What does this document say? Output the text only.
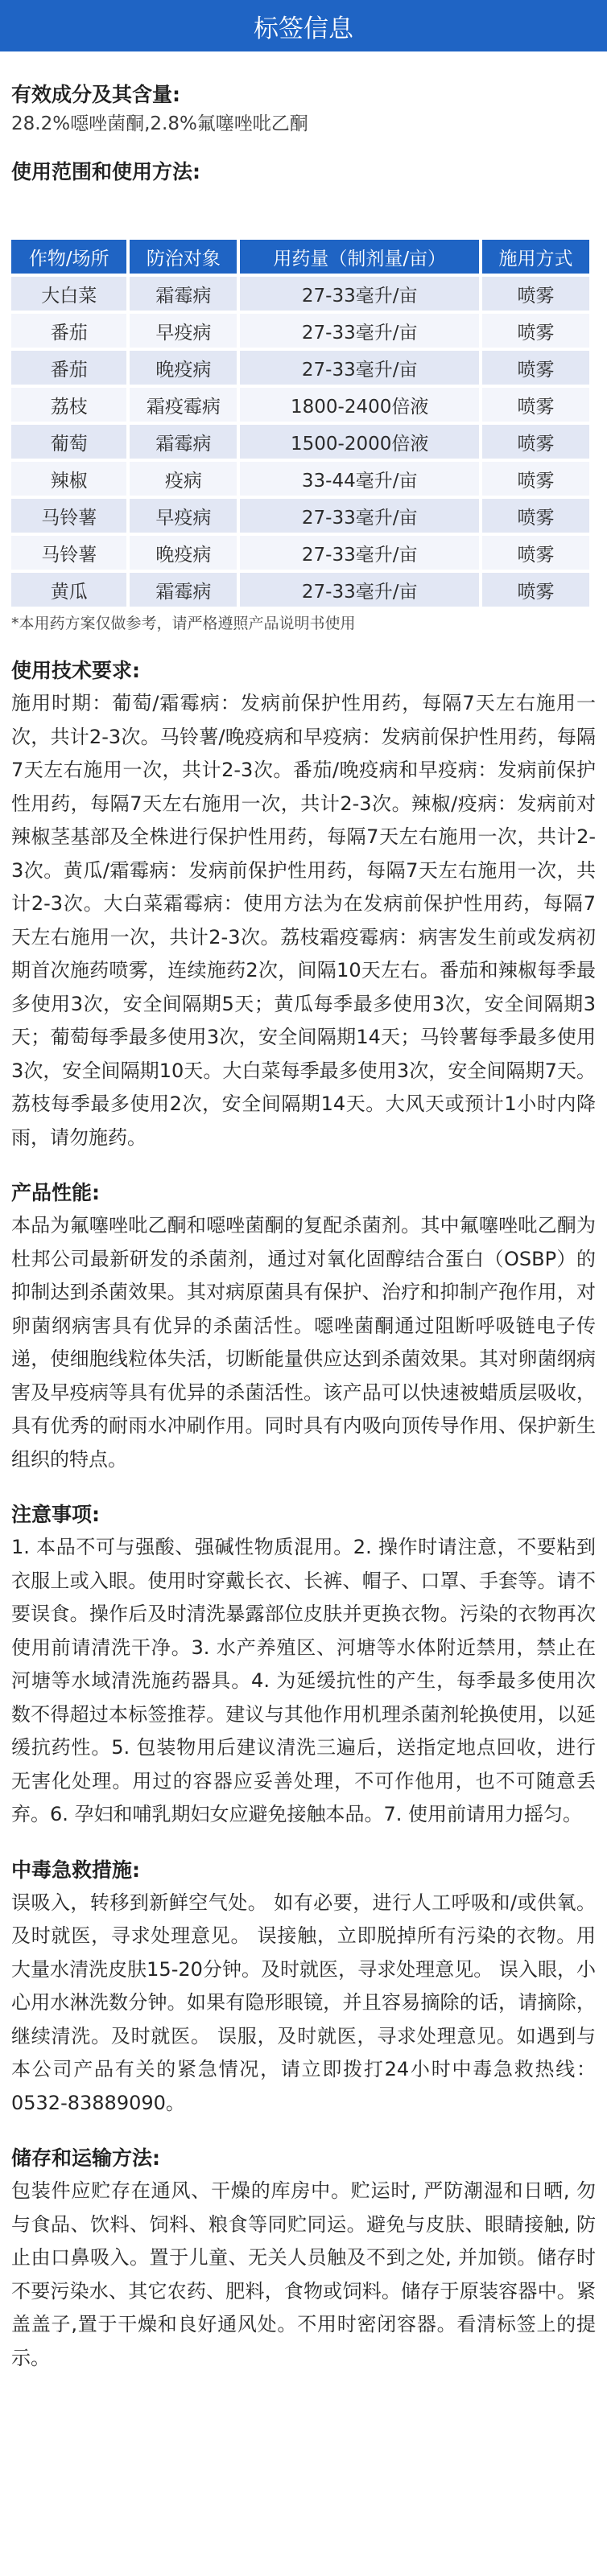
标签信息
有效成分及其含量:
28.2%噁唑菌酮,2.8%氟噻唑吡乙酮
使用范围和使用方法:
作物/场所	防治对象	用药量（制剂量/亩）	施用方式
大白菜	霜霉病	27-33毫升/亩	喷雾
番茄	早疫病	27-33毫升/亩	喷雾
番茄	晚疫病	27-33毫升/亩	喷雾
荔枝	霜疫霉病	1800-2400倍液	喷雾
葡萄	霜霉病	1500-2000倍液	喷雾
辣椒	疫病	33-44毫升/亩	喷雾
马铃薯	早疫病	27-33毫升/亩	喷雾
马铃薯	晚疫病	27-33毫升/亩	喷雾
黄瓜	霜霉病	27-33毫升/亩	喷雾
*本用药方案仅做参考，请严格遵照产品说明书使用
使用技术要求:

施用时期：葡萄/霜霉病：发病前保护性用药，每隔7天左右施用一次，共计2-3次。马铃薯/晚疫病和早疫病：发病前保护性用药，每隔7天左右施用一次，共计2-3次。番茄/晚疫病和早疫病：发病前保护性用药，每隔7天左右施用一次，共计2-3次。辣椒/疫病：发病前对辣椒茎基部及全株进行保护性用药，每隔7天左右施用一次，共计2-3次。黄瓜/霜霉病：发病前保护性用药，每隔7天左右施用一次，共计2-3次。大白菜霜霉病：使用方法为在发病前保护性用药，每隔7天左右施用一次，共计2-3次。荔枝霜疫霉病：病害发生前或发病初期首次施药喷雾，连续施药2次，间隔10天左右。番茄和辣椒每季最多使用3次，安全间隔期5天；黄瓜每季最多使用3次，安全间隔期3天；葡萄每季最多使用3次，安全间隔期14天；马铃薯每季最多使用3次，安全间隔期10天。大白菜每季最多使用3次，安全间隔期7天。荔枝每季最多使用2次，安全间隔期14天。大风天或预计1小时内降雨，请勿施药。

产品性能:

本品为氟噻唑吡乙酮和噁唑菌酮的复配杀菌剂。其中氟噻唑吡乙酮为杜邦公司最新研发的杀菌剂，通过对氧化固醇结合蛋白（OSBP）的抑制达到杀菌效果。其对病原菌具有保护、治疗和抑制产孢作用，对卵菌纲病害具有优异的杀菌活性。噁唑菌酮通过阻断呼吸链电子传递，使细胞线粒体失活，切断能量供应达到杀菌效果。其对卵菌纲病害及早疫病等具有优异的杀菌活性。该产品可以快速被蜡质层吸收，具有优秀的耐雨水冲刷作用。同时具有内吸向顶传导作用、保护新生组织的特点。

注意事项:

1. 本品不可与强酸、强碱性物质混用。2. 操作时请注意，不要粘到衣服上或入眼。使用时穿戴长衣、长裤、帽子、口罩、手套等。请不要误食。操作后及时清洗暴露部位皮肤并更换衣物。污染的衣物再次使用前请清洗干净。3. 水产养殖区、河塘等水体附近禁用，禁止在河塘等水域清洗施药器具。4. 为延缓抗性的产生，每季最多使用次数不得超过本标签推荐。建议与其他作用机理杀菌剂轮换使用，以延缓抗药性。5. 包装物用后建议清洗三遍后，送指定地点回收，进行无害化处理。用过的容器应妥善处理，不可作他用，也不可随意丢弃。6. 孕妇和哺乳期妇女应避免接触本品。7. 使用前请用力摇匀。

中毒急救措施:

误吸入，转移到新鲜空气处。 如有必要，进行人工呼吸和/或供氧。及时就医，寻求处理意见。 误接触，立即脱掉所有污染的衣物。用大量水清洗皮肤15-20分钟。及时就医，寻求处理意见。 误入眼，小心用水淋洗数分钟。如果有隐形眼镜，并且容易摘除的话，请摘除，继续清洗。及时就医。 误服，及时就医，寻求处理意见。如遇到与本公司产品有关的紧急情况，请立即拨打24小时中毒急救热线：0532-83889090。

储存和运输方法:

包装件应贮存在通风、干燥的库房中。贮运时, 严防潮湿和日晒, 勿与食品、饮料、饲料、粮食等同贮同运。避免与皮肤、眼睛接触, 防止由口鼻吸入。置于儿童、无关人员触及不到之处, 并加锁。储存时不要污染水、其它农药、肥料，食物或饲料。储存于原装容器中。紧盖盖子,置于干燥和良好通风处。不用时密闭容器。看清标签上的提示。
